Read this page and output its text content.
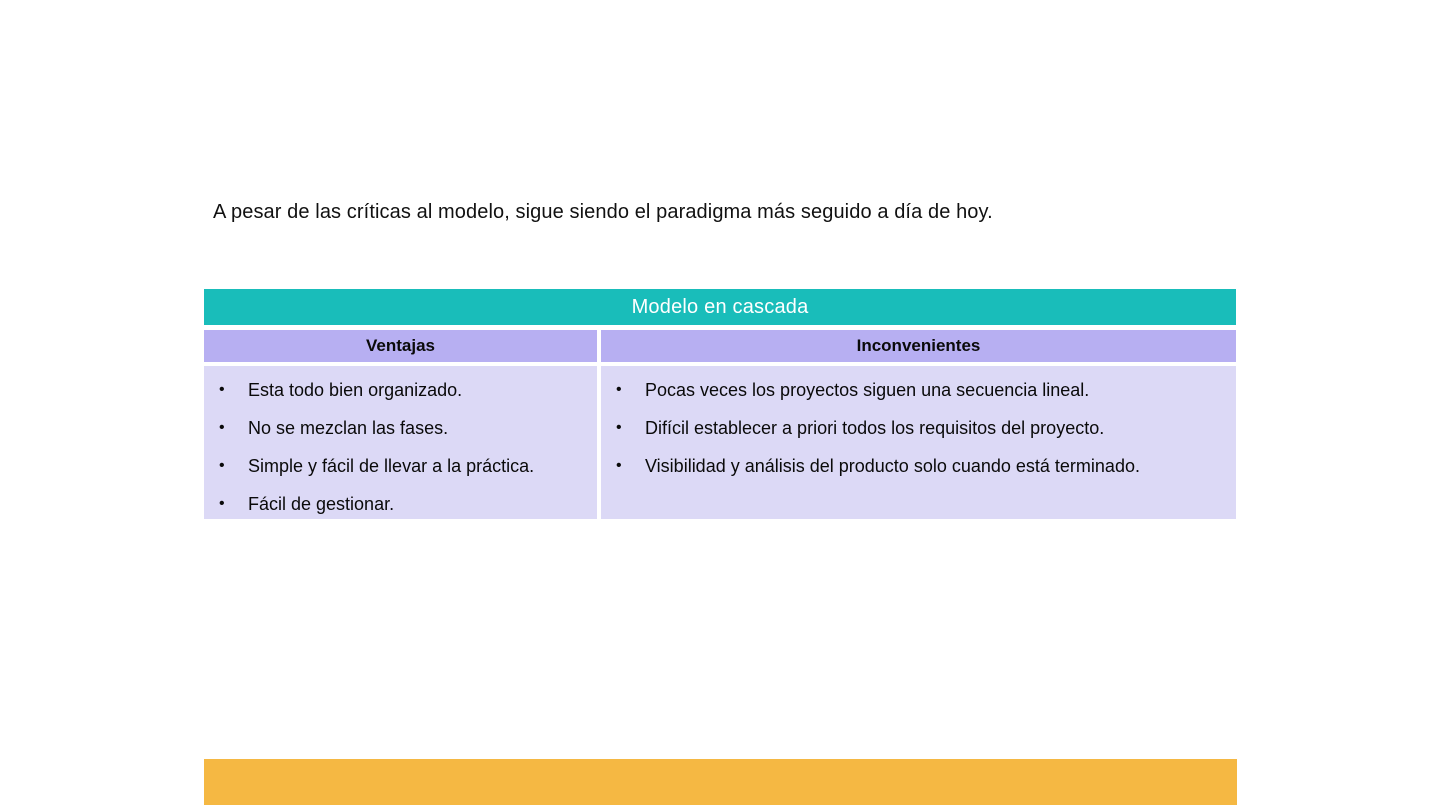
A pesar de las críticas al modelo, sigue siendo el paradigma más seguido a día de hoy.
Modelo en cascada
Ventajas	Inconvenientes
• Esta todo bien organizado.
• No se mezclan las fases.
• Simple y fácil de llevar a la práctica.
• Fácil de gestionar.
• Pocas veces los proyectos siguen una secuencia lineal.
• Difícil establecer a priori todos los requisitos del proyecto.
• Visibilidad y análisis del producto solo cuando está terminado.
